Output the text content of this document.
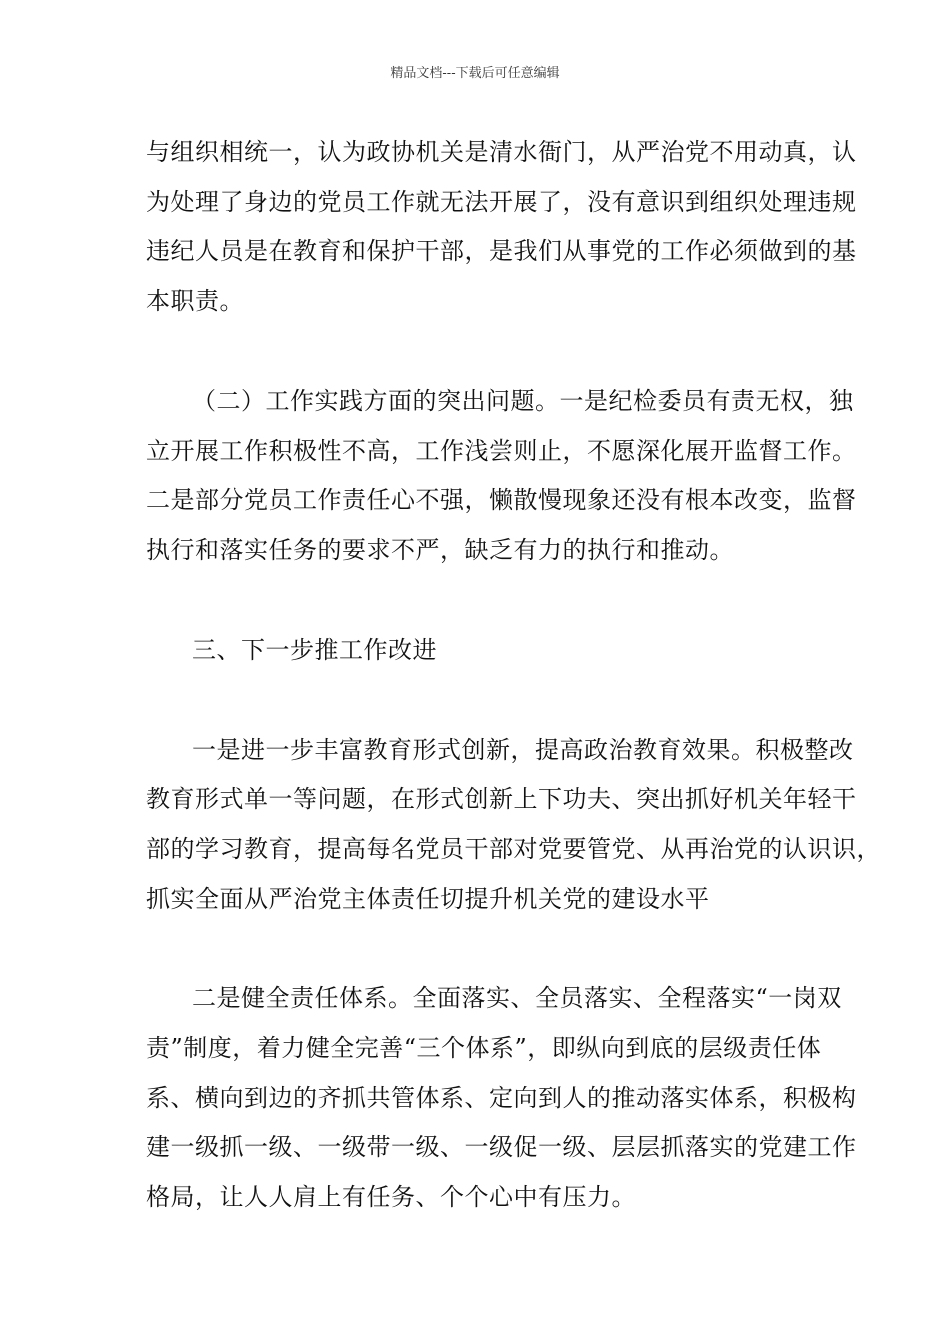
精品文档---下载后可任意编辑
与组织相统一，认为政协机关是清水衙门，从严治党不用动真，认
为处理了身边的党员工作就无法开展了，没有意识到组织处理违规
违纪人员是在教育和保护干部，是我们从事党的工作必须做到的基
本职责。
（二）工作实践方面的突出问题。一是纪检委员有责无权，独
立开展工作积极性不高，工作浅尝则止，不愿深化展开监督工作。
二是部分党员工作责任心不强，懒散慢现象还没有根本改变，监督
执行和落实任务的要求不严，缺乏有力的执行和推动。
三、下一步推工作改进
一是进一步丰富教育形式创新，提高政治教育效果。积极整改
教育形式单一等问题，在形式创新上下功夫、突出抓好机关年轻干
部的学习教育，提高每名党员干部对党要管党、从再治党的认识识，
抓实全面从严治党主体责任切提升机关党的建设水平
二是健全责任体系。全面落实、全员落实、全程落实“一岗双
责”制度，着力健全完善“三个体系”，即纵向到底的层级责任体
系、横向到边的齐抓共管体系、定向到人的推动落实体系，积极构
建一级抓一级、一级带一级、一级促一级、层层抓落实的党建工作
格局，让人人肩上有任务、个个心中有压力。
